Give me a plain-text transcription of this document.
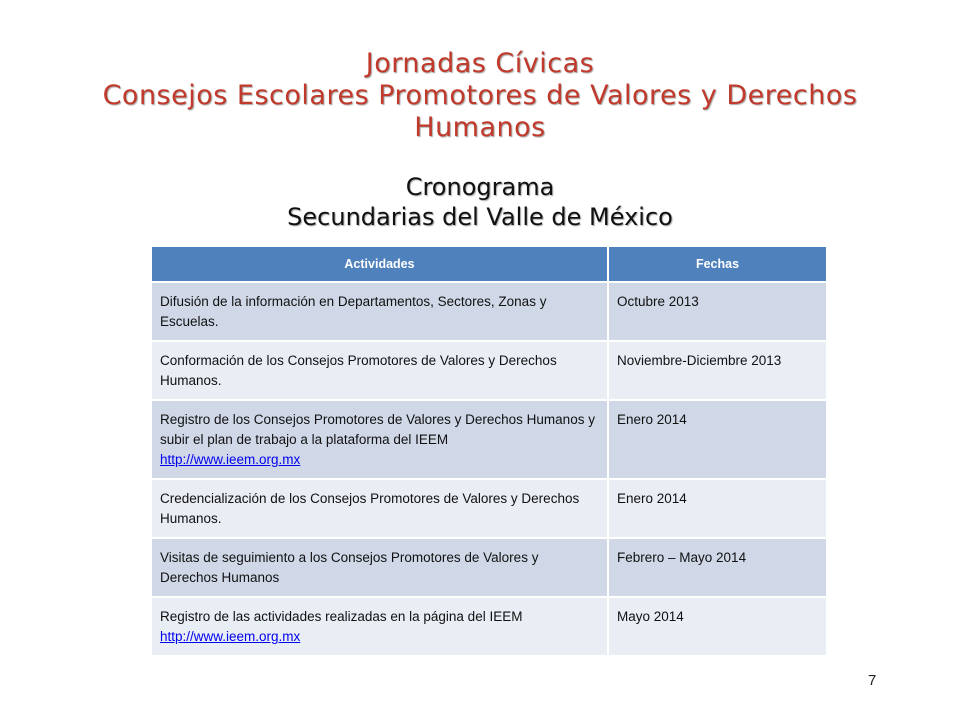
Jornadas Cívicas
Consejos Escolares Promotores de Valores y Derechos
Humanos
Cronograma
Secundarias del Valle de México
Actividades	Fechas
Difusión de la información en Departamentos, Sectores, Zonas y Escuelas.	Octubre 2013
Conformación de los Consejos Promotores de Valores y Derechos Humanos.	Noviembre-Diciembre 2013
Registro de los Consejos Promotores de Valores y Derechos Humanos y subir el plan de trabajo a la plataforma del IEEM
http://www.ieem.org.mx	Enero 2014
Credencialización de los Consejos Promotores de Valores y Derechos Humanos.	Enero 2014
Visitas de seguimiento a los Consejos Promotores de Valores y Derechos Humanos	Febrero – Mayo 2014
Registro de las actividades realizadas en la página del IEEM
http://www.ieem.org.mx	Mayo 2014
7
